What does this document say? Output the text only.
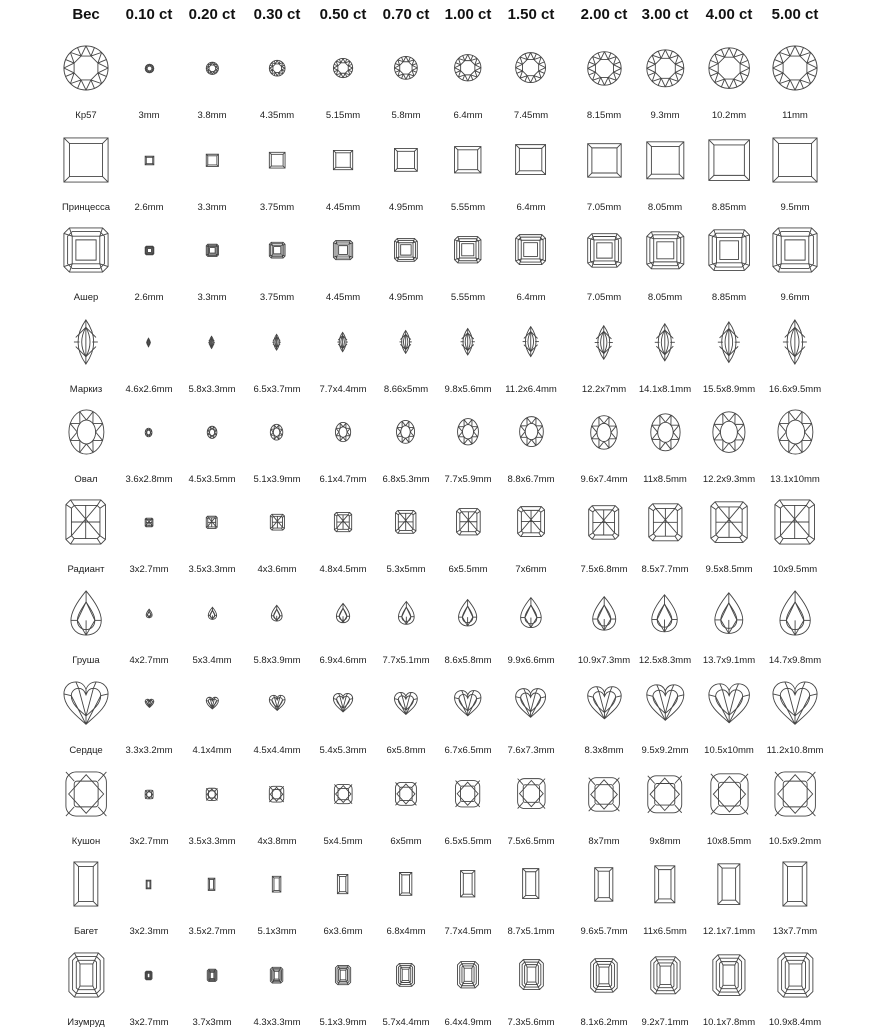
Вес 0.10 ct 0.20 ct 0.30 ct 0.50 ct 0.70 ct 1.00 ct 1.50 ct 2.00 ct 3.00 ct 4.00 ct 5.00 ct
Кр57	3mm	3.8mm	4.35mm	5.15mm	5.8mm	6.4mm	7.45mm	8.15mm	9.3mm	10.2mm	11mm
Принцесса	2.6mm	3.3mm	3.75mm	4.45mm	4.95mm	5.55mm	6.4mm	7.05mm	8.05mm	8.85mm	9.5mm
Ашер	2.6mm	3.3mm	3.75mm	4.45mm	4.95mm	5.55mm	6.4mm	7.05mm	8.05mm	8.85mm	9.6mm
Маркиз 4.6x2.6mm 5.8x3.3mm 6.5x3.7mm 7.7x4.4mm 8.66x5mm 9.8x5.6mm 11.2x6.4mm	12.2x7mm 14.1x8.1mm 15.5x8.9mm 16.6x9.5mm
Овал	3.6x2.8mm 4.5x3.5mm 5.1x3.9mm 6.1x4.7mm 6.8x5.3mm 7.7x5.9mm 8.8x6.7mm	9.6x7.4mm 11x8.5mm 12.2x9.3mm 13.1x10mm
Радиант	3x2.7mm 3.5x3.3mm 4x3.6mm 4.8x4.5mm 5.3x5mm 6x5.5mm	7x6mm	7.5x6.8mm 8.5x7.7mm 9.5x8.5mm 10x9.5mm
Груша	4x2.7mm	5x3.4mm 5.8x3.9mm 6.9x4.6mm 7.7x5.1mm 8.6x5.8mm 9.9x6.6mm 10.9x7.3mm 12.5x8.3mm 13.7x9.1mm 14.7x9.8mm
Сердце 3.3x3.2mm 4.1x4mm 4.5x4.4mm 5.4x5.3mm 6x5.8mm 6.7x6.5mm 7.6x7.3mm	8.3x8mm 9.5x9.2mm 10.5x10mm 11.2x10.8mm
Кушон	3x2.7mm 3.5x3.3mm 4x3.8mm	5x4.5mm	6x5mm 6.5x5.5mm 7.5x6.5mm	8x7mm	9x8mm	10x8.5mm 10.5x9.2mm
Багет	3x2.3mm 3.5x2.7mm 5.1x3mm	6x3.6mm	6.8x4mm 7.7x4.5mm 8.7x5.1mm	9.6x5.7mm 11x6.5mm 12.1x7.1mm 13x7.7mm
Изумруд	3x2.7mm	3.7x3mm 4.3x3.3mm 5.1x3.9mm 5.7x4.4mm 6.4x4.9mm 7.3x5.6mm	8.1x6.2mm 9.2x7.1mm 10.1x7.8mm 10.9x8.4mm
